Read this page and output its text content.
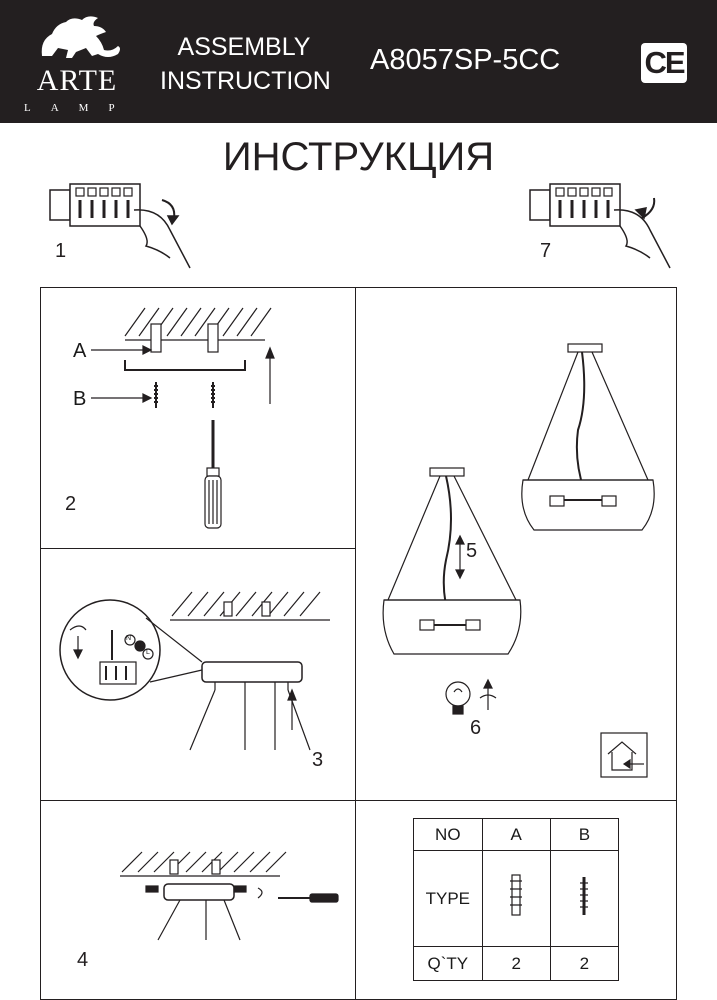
ARTE
LAMP
ASSEMBLY
INSTRUCTION
A8057SP-5CC	CE
ИНСТРУКЦИЯ
1	7
A
B
2
N
⏚
L
3
4
5
6
NO	A	B
TYPE		
Q`TY	2	2
